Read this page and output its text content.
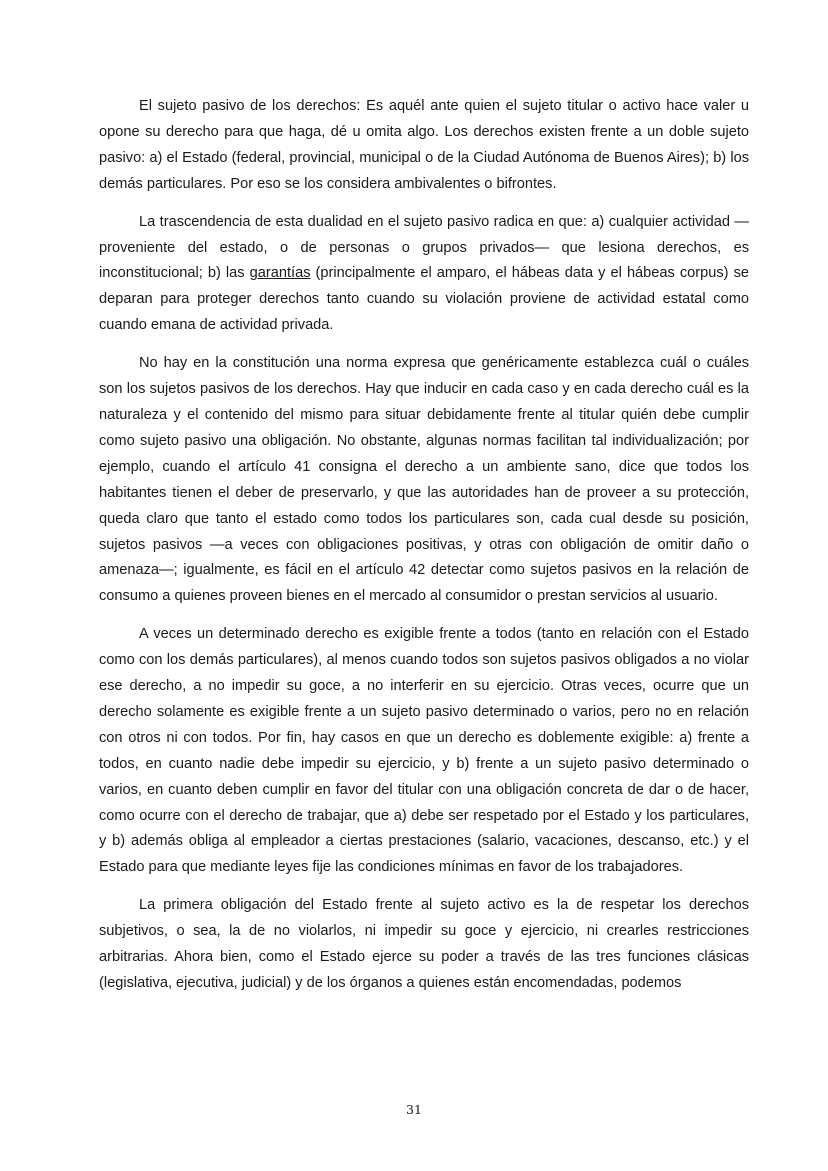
El sujeto pasivo de los derechos: Es aquél ante quien el sujeto titular o activo hace valer u opone su derecho para que haga, dé u omita algo. Los derechos existen frente a un doble sujeto pasivo: a) el Estado (federal, provincial, municipal o de la Ciudad Autónoma de Buenos Aires); b) los demás particulares. Por eso se los considera ambivalentes o bifrontes.

La trascendencia de esta dualidad en el sujeto pasivo radica en que: a) cualquier actividad —proveniente del estado, o de personas o grupos privados— que lesiona derechos, es inconstitucional; b) las garantías (principalmente el amparo, el hábeas data y el hábeas corpus) se deparan para proteger derechos tanto cuando su violación proviene de actividad estatal como cuando emana de actividad privada.

No hay en la constitución una norma expresa que genéricamente establezca cuál o cuáles son los sujetos pasivos de los derechos. Hay que inducir en cada caso y en cada derecho cuál es la naturaleza y el contenido del mismo para situar debidamente frente al titular quién debe cumplir como sujeto pasivo una obligación. No obstante, algunas normas facilitan tal individualización; por ejemplo, cuando el artículo 41 consigna el derecho a un ambiente sano, dice que todos los habitantes tienen el deber de preservarlo, y que las autoridades han de proveer a su protección, queda claro que tanto el estado como todos los particulares son, cada cual desde su posición, sujetos pasivos —a veces con obligaciones positivas, y otras con obligación de omitir daño o amenaza—; igualmente, es fácil en el artículo 42 detectar como sujetos pasivos en la relación de consumo a quienes proveen bienes en el mercado al consumidor o prestan servicios al usuario.

A veces un determinado derecho es exigible frente a todos (tanto en relación con el Estado como con los demás particulares), al menos cuando todos son sujetos pasivos obligados a no violar ese derecho, a no impedir su goce, a no interferir en su ejercicio. Otras veces, ocurre que un derecho solamente es exigible frente a un sujeto pasivo determinado o varios, pero no en relación con otros ni con todos. Por fin, hay casos en que un derecho es doblemente exigible: a) frente a todos, en cuanto nadie debe impedir su ejercicio, y b) frente a un sujeto pasivo determinado o varios, en cuanto deben cumplir en favor del titular con una obligación concreta de dar o de hacer, como ocurre con el derecho de trabajar, que a) debe ser respetado por el Estado y los particulares, y b) además obliga al empleador a ciertas prestaciones (salario, vacaciones, descanso, etc.) y el Estado para que mediante leyes fije las condiciones mínimas en favor de los trabajadores.

La primera obligación del Estado frente al sujeto activo es la de respetar los derechos subjetivos, o sea, la de no violarlos, ni impedir su goce y ejercicio, ni crearles restricciones arbitrarias. Ahora bien, como el Estado ejerce su poder a través de las tres funciones clásicas (legislativa, ejecutiva, judicial) y de los órganos a quienes están encomendadas, podemos

31
